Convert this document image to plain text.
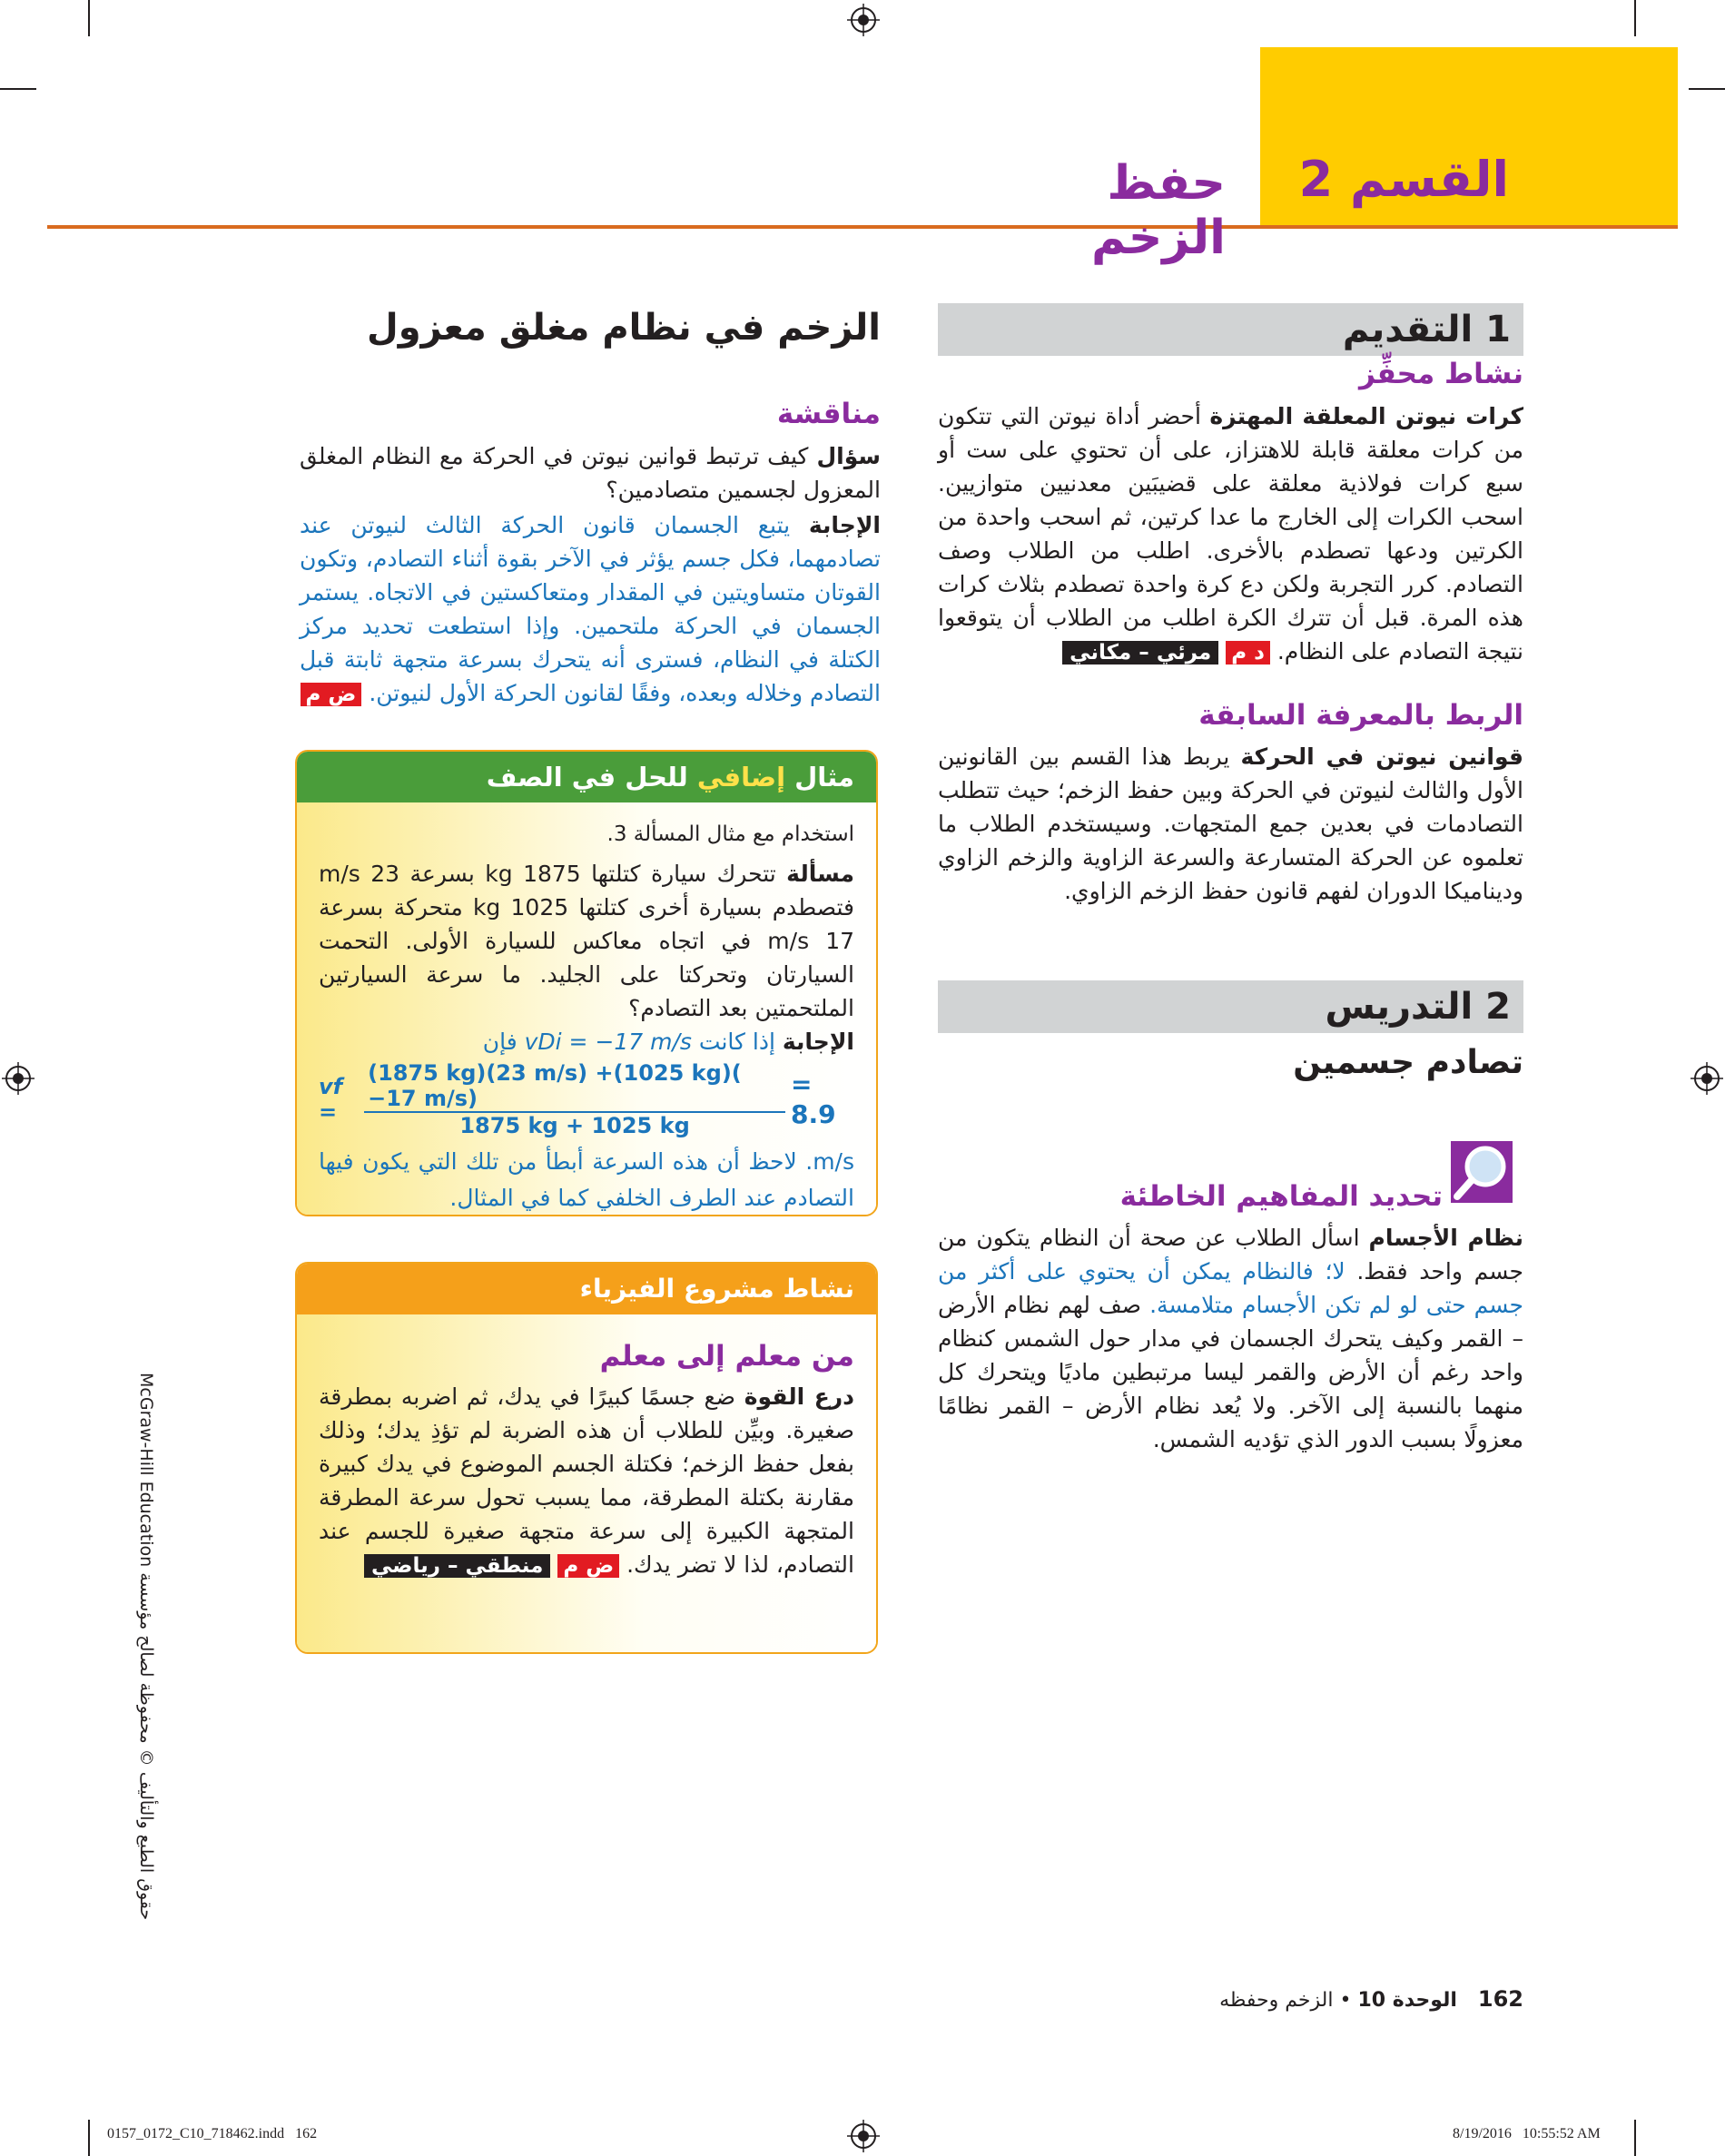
القسم 2
حفظ الزخم
1 التقديم
نشاط محفِّز
كرات نيوتن المعلقة المهتزة أحضر أداة نيوتن التي تتكون من كرات معلقة قابلة للاهتزاز، على أن تحتوي على ست أو سبع كرات فولاذية معلقة على قضيبَين معدنيين متوازيين. اسحب الكرات إلى الخارج ما عدا كرتين، ثم اسحب واحدة من الكرتين ودعها تصطدم بالأخرى. اطلب من الطلاب وصف التصادم. كرر التجربة ولكن دع كرة واحدة تصطدم بثلاث كرات هذه المرة. قبل أن تترك الكرة اطلب من الطلاب أن يتوقعوا نتيجة التصادم على النظام. د م مرئي – مكاني
الربط بالمعرفة السابقة
قوانين نيوتن في الحركة يربط هذا القسم بين القانونين الأول والثالث لنيوتن في الحركة وبين حفظ الزخم؛ حيث تتطلب التصادمات في بعدين جمع المتجهات. وسيستخدم الطلاب ما تعلموه عن الحركة المتسارعة والسرعة الزاوية والزخم الزاوي وديناميكا الدوران لفهم قانون حفظ الزخم الزاوي.
2 التدريس
تصادم جسمين
تحديد المفاهيم الخاطئة
نظام الأجسام اسأل الطلاب عن صحة أن النظام يتكون من جسم واحد فقط. لا؛ فالنظام يمكن أن يحتوي على أكثر من جسم حتى لو لم تكن الأجسام متلامسة. صف لهم نظام الأرض – القمر وكيف يتحرك الجسمان في مدار حول الشمس كنظام واحد رغم أن الأرض والقمر ليسا مرتبطين ماديًا ويتحرك كل منهما بالنسبة إلى الآخر. ولا يُعد نظام الأرض – القمر نظامًا معزولًا بسبب الدور الذي تؤديه الشمس.
الزخم في نظام مغلق معزول
مناقشة
سؤال كيف ترتبط قوانين نيوتن في الحركة مع النظام المغلق المعزول لجسمين متصادمين؟
الإجابة يتبع الجسمان قانون الحركة الثالث لنيوتن عند تصادمهما، فكل جسم يؤثر في الآخر بقوة أثناء التصادم، وتكون القوتان متساويتين في المقدار ومتعاكستين في الاتجاه. يستمر الجسمان في الحركة ملتحمين. وإذا استطعت تحديد مركز الكتلة في النظام، فسترى أنه يتحرك بسرعة متجهة ثابتة قبل التصادم وخلاله وبعده، وفقًا لقانون الحركة الأول لنيوتن. ض م
مثال إضافي للحل في الصف
استخدام مع مثال المسألة 3.
مسألة تتحرك سيارة كتلتها 1875 kg بسرعة 23 m/s فتصطدم بسيارة أخرى كتلتها 1025 kg متحركة بسرعة 17 m/s في اتجاه معاكس للسيارة الأولى. التحمت السيارتان وتحركتا على الجليد. ما سرعة السيارتين الملتحمتين بعد التصادم؟
الإجابة إذا كانت vDi = −17 m/s فإن
vf =
(1875 kg)(23 m/s) +(1025 kg)( −17 m/s)
1875 kg + 1025 kg
= 8.9
m/s. لاحظ أن هذه السرعة أبطأ من تلك التي يكون فيها التصادم عند الطرف الخلفي كما في المثال.
نشاط مشروع الفيزياء
من معلم إلى معلم
درع القوة ضع جسمًا كبيرًا في يدك، ثم اضربه بمطرقة صغيرة. وبيِّن للطلاب أن هذه الضربة لم تؤذِ يدك؛ وذلك بفعل حفظ الزخم؛ فكتلة الجسم الموضوع في يدك كبيرة مقارنة بكتلة المطرقة، مما يسبب تحول سرعة المطرقة المتجهة الكبيرة إلى سرعة متجهة صغيرة للجسم عند التصادم، لذا لا تضر يدك. ض م منطقي – رياضي
حقوق الطبع والتأليف © محفوظة لصالح مؤسسة McGraw-Hill Education
162 الوحدة 10 • الزخم وحفظه
0157_0172_C10_718462.indd   162	8/19/2016   10:55:52 AM
